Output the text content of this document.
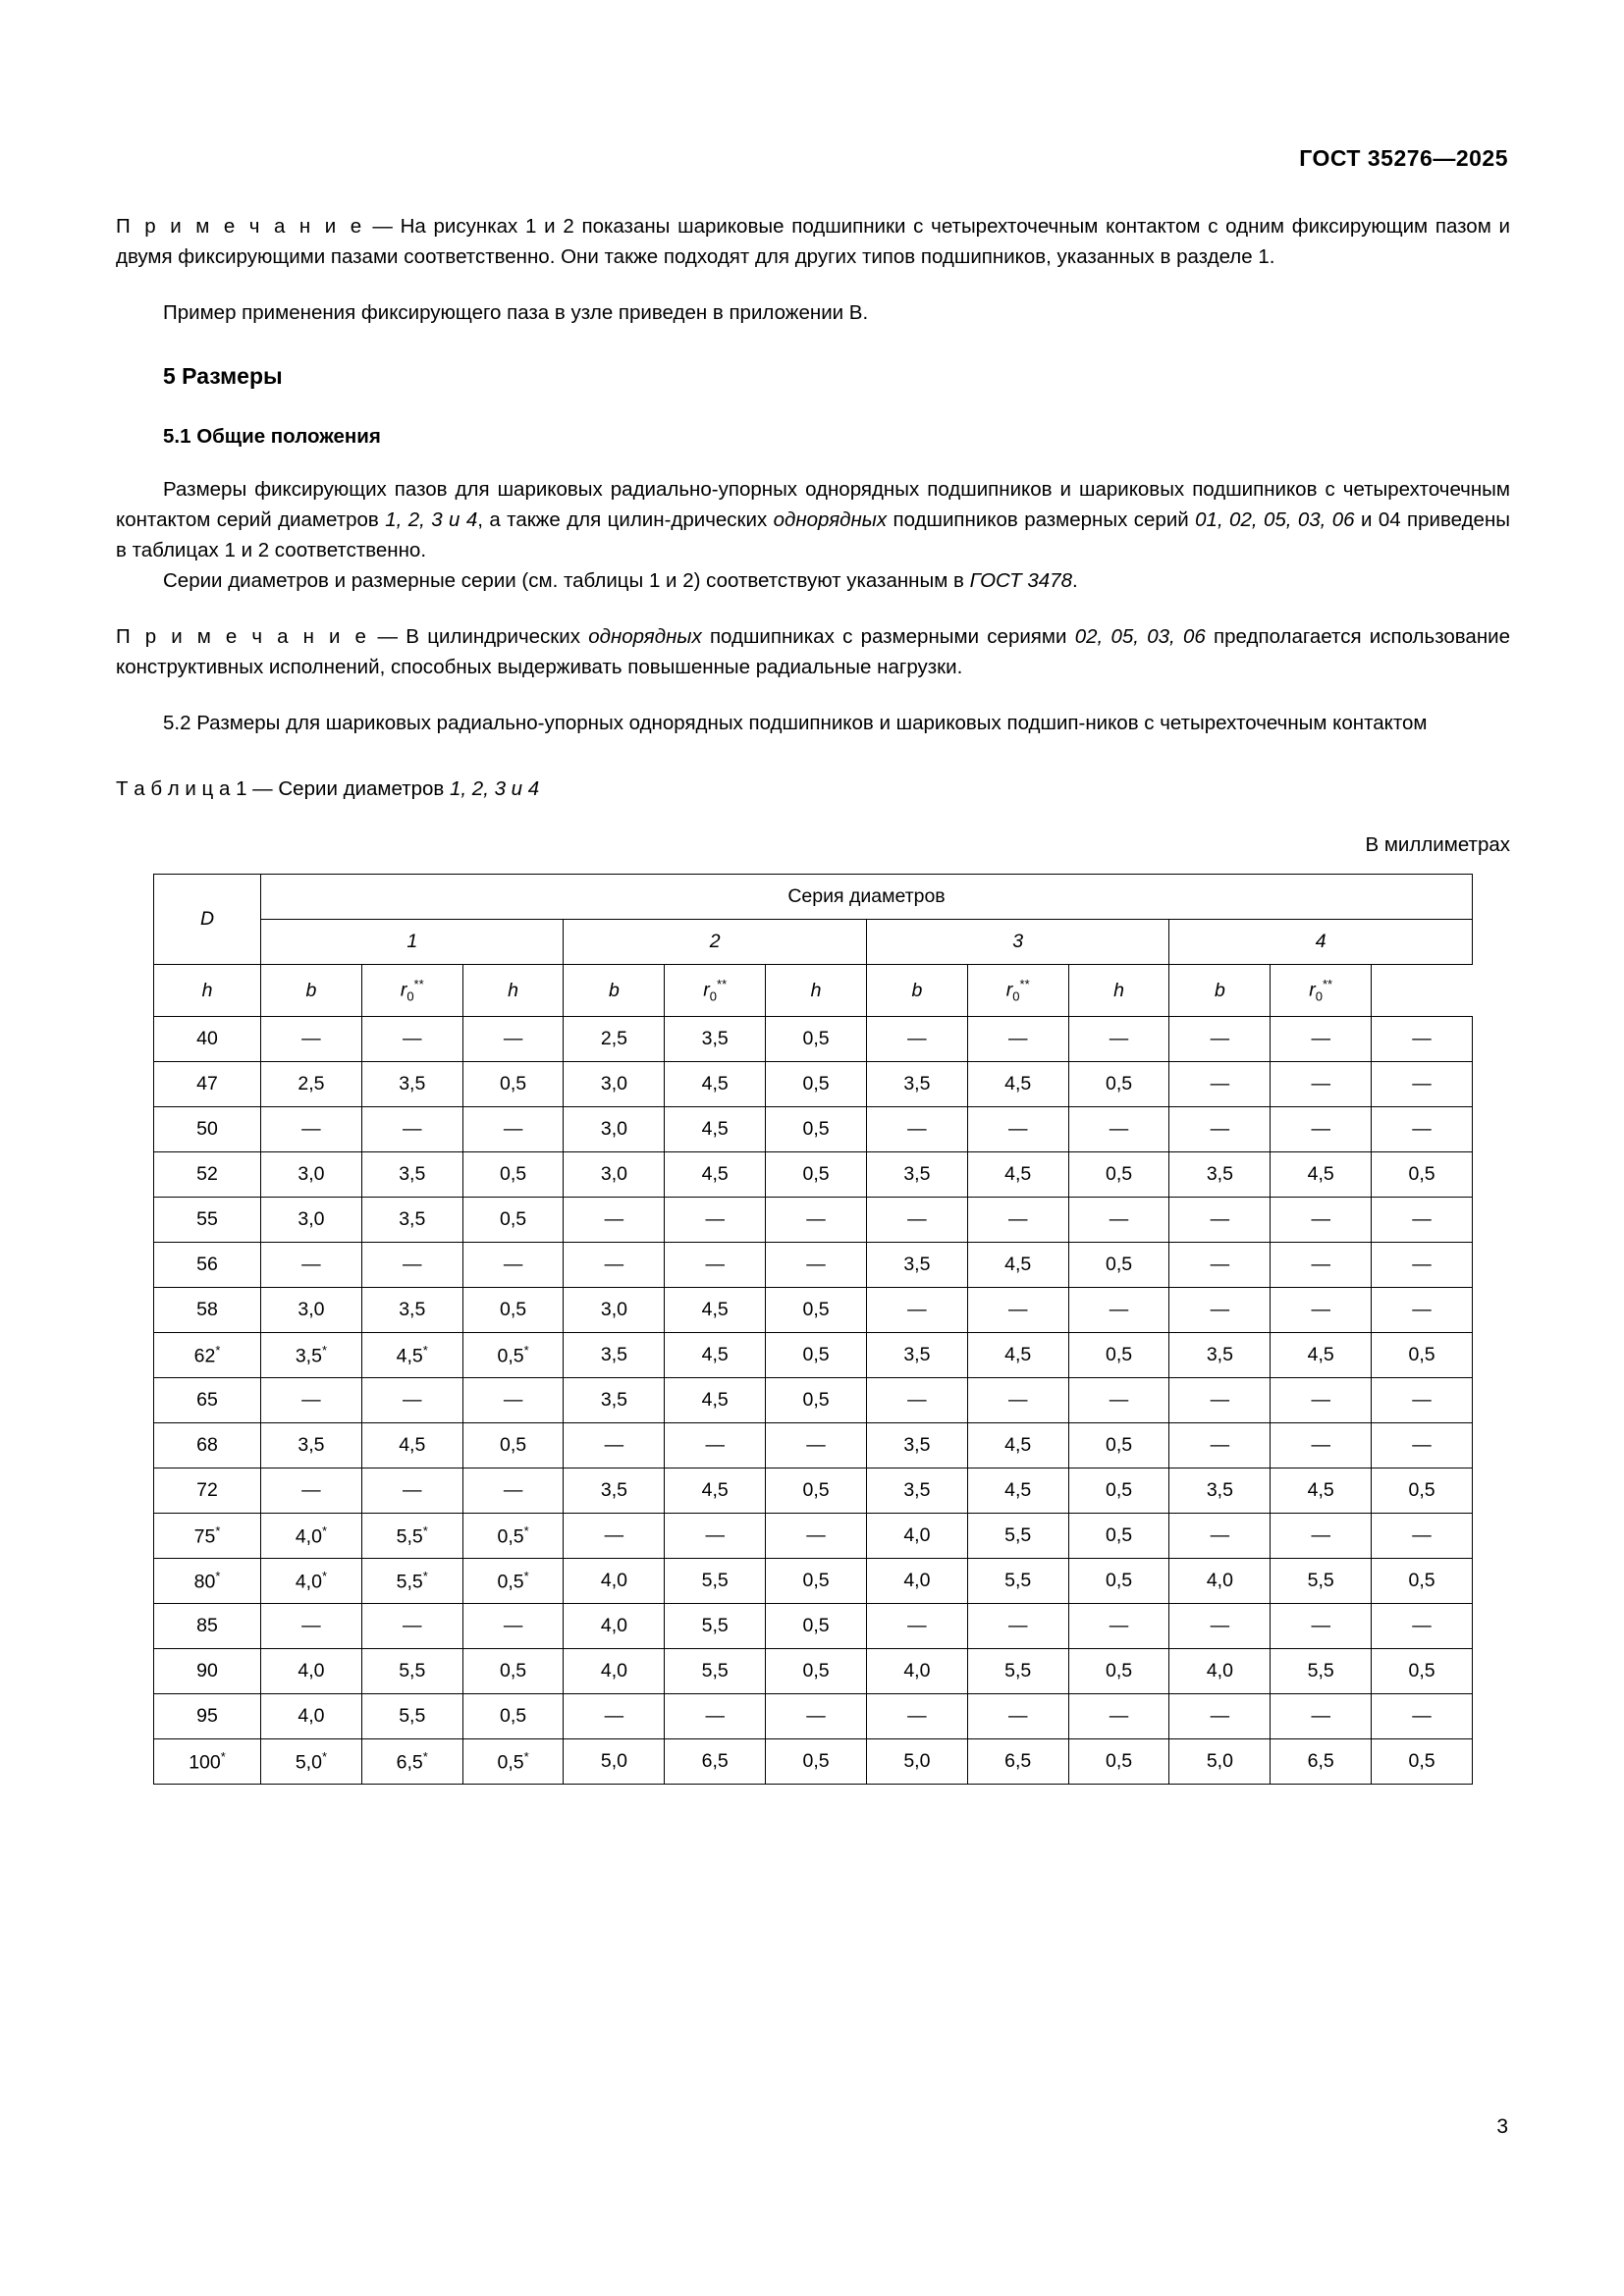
ГОСТ 35276—2025

П р и м е ч а н и е — На рисунках 1 и 2 показаны шариковые подшипники с четырехточечным контактом с одним фиксирующим пазом и двумя фиксирующими пазами соответственно. Они также подходят для других типов подшипников, указанных в разделе 1.

Пример применения фиксирующего паза в узле приведен в приложении В.

5 Размеры
5.1 Общие положения

Размеры фиксирующих пазов для шариковых радиально-упорных однорядных подшипников и шариковых подшипников с четырехточечным контактом серий диаметров 1, 2, 3 и 4, а также для цилин-дрических однорядных подшипников размерных серий 01, 02, 05, 03, 06 и 04 приведены в таблицах 1 и 2 соответственно.

Серии диаметров и размерные серии (см. таблицы 1 и 2) соответствуют указанным в ГОСТ 3478.

П р и м е ч а н и е — В цилиндрических однорядных подшипниках с размерными сериями 02, 05, 03, 06 предполагается использование конструктивных исполнений, способных выдерживать повышенные радиальные нагрузки.

5.2 Размеры для шариковых радиально-упорных однорядных подшипников и шариковых подшип-ников с четырехточечным контактом

Т а б л и ц а 1 — Серии диаметров 1, 2, 3 и 4

В миллиметрах

D	Серия диаметров											
	1			2			3			4		
h	b	$r_0^{**}$	h	b	$r_0^{**}$	h	b	$r_0^{**}$	h	b	$r_0^{**}$
40	—	—	—	2,5	3,5	0,5	—	—	—	—	—	—
47	2,5	3,5	0,5	3,0	4,5	0,5	3,5	4,5	0,5	—	—	—
50	—	—	—	3,0	4,5	0,5	—	—	—	—	—	—
52	3,0	3,5	0,5	3,0	4,5	0,5	3,5	4,5	0,5	3,5	4,5	0,5
55	3,0	3,5	0,5	—	—	—	—	—	—	—	—	—
56	—	—	—	—	—	—	3,5	4,5	0,5	—	—	—
58	3,0	3,5	0,5	3,0	4,5	0,5	—	—	—	—	—	—
62*	3,5*	4,5*	0,5*	3,5	4,5	0,5	3,5	4,5	0,5	3,5	4,5	0,5
65	—	—	—	3,5	4,5	0,5	—	—	—	—	—	—
68	3,5	4,5	0,5	—	—	—	3,5	4,5	0,5	—	—	—
72	—	—	—	3,5	4,5	0,5	3,5	4,5	0,5	3,5	4,5	0,5
75*	4,0*	5,5*	0,5*	—	—	—	4,0	5,5	0,5	—	—	—
80*	4,0*	5,5*	0,5*	4,0	5,5	0,5	4,0	5,5	0,5	4,0	5,5	0,5
85	—	—	—	4,0	5,5	0,5	—	—	—	—	—	—
90	4,0	5,5	0,5	4,0	5,5	0,5	4,0	5,5	0,5	4,0	5,5	0,5
95	4,0	5,5	0,5	—	—	—	—	—	—	—	—	—
100*	5,0*	6,5*	0,5*	5,0	6,5	0,5	5,0	6,5	0,5	5,0	6,5	0,5
3
